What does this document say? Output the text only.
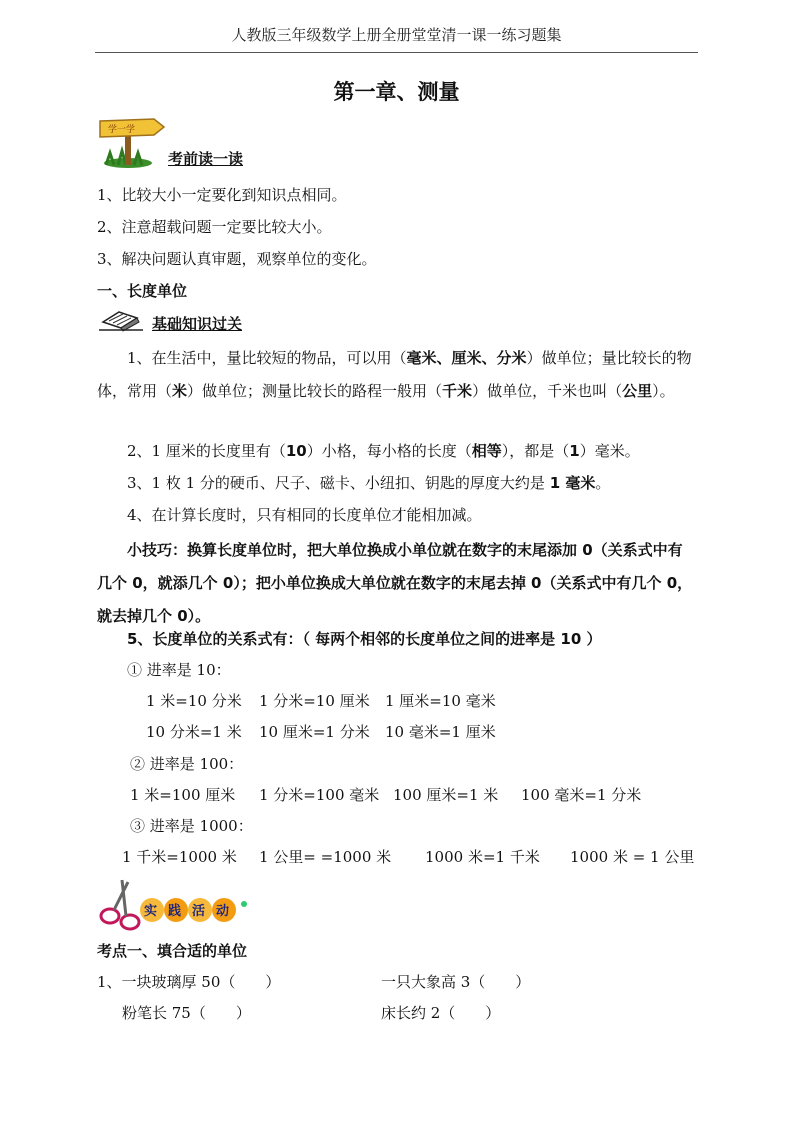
人教版三年级数学上册全册堂堂清一课一练习题集
第一章、测量
学一学
考前读一读
1、比较大小一定要化到知识点相同。
2、注意超载问题一定要比较大小。
3、解决问题认真审题，观察单位的变化。
一、长度单位
基础知识过关
1、在生活中，量比较短的物品，可以用（毫米、厘米、分米）做单位；量比较长的物体，常用（米）做单位；测量比较长的路程一般用（千米）做单位，千米也叫（公里）。
2、1 厘米的长度里有（10）小格，每小格的长度（相等），都是（1）毫米。
3、1 枚 1 分的硬币、尺子、磁卡、小纽扣、钥匙的厚度大约是 1 毫米。
4、在计算长度时，只有相同的长度单位才能相加减。
小技巧：换算长度单位时，把大单位换成小单位就在数字的末尾添加 0（关系式中有几个 0，就添几个 0）；把小单位换成大单位就在数字的末尾去掉 0（关系式中有几个 0，就去掉几个 0）。
5、长度单位的关系式有：（ 每两个相邻的长度单位之间的进率是 10 ）
① 进率是 10：
1 米=10 分米 1 分米=10 厘米 1 厘米=10 毫米
10 分米=1 米 10 厘米=1 分米 10 毫米=1 厘米
② 进率是 100：
1 米=100 厘米 1 分米=100 毫米 100 厘米=1 米 100 毫米=1 分米
③ 进率是 1000：
1 千米=1000 米 1 公里= =1000 米 1000 米=1 千米 1000 米 = 1 公里
实 践 活 动
考点一、填合适的单位
1、一块玻璃厚 50（　　）	一只大象高 3（　　）
粉笔长 75（　　）	床长约 2（　　）
